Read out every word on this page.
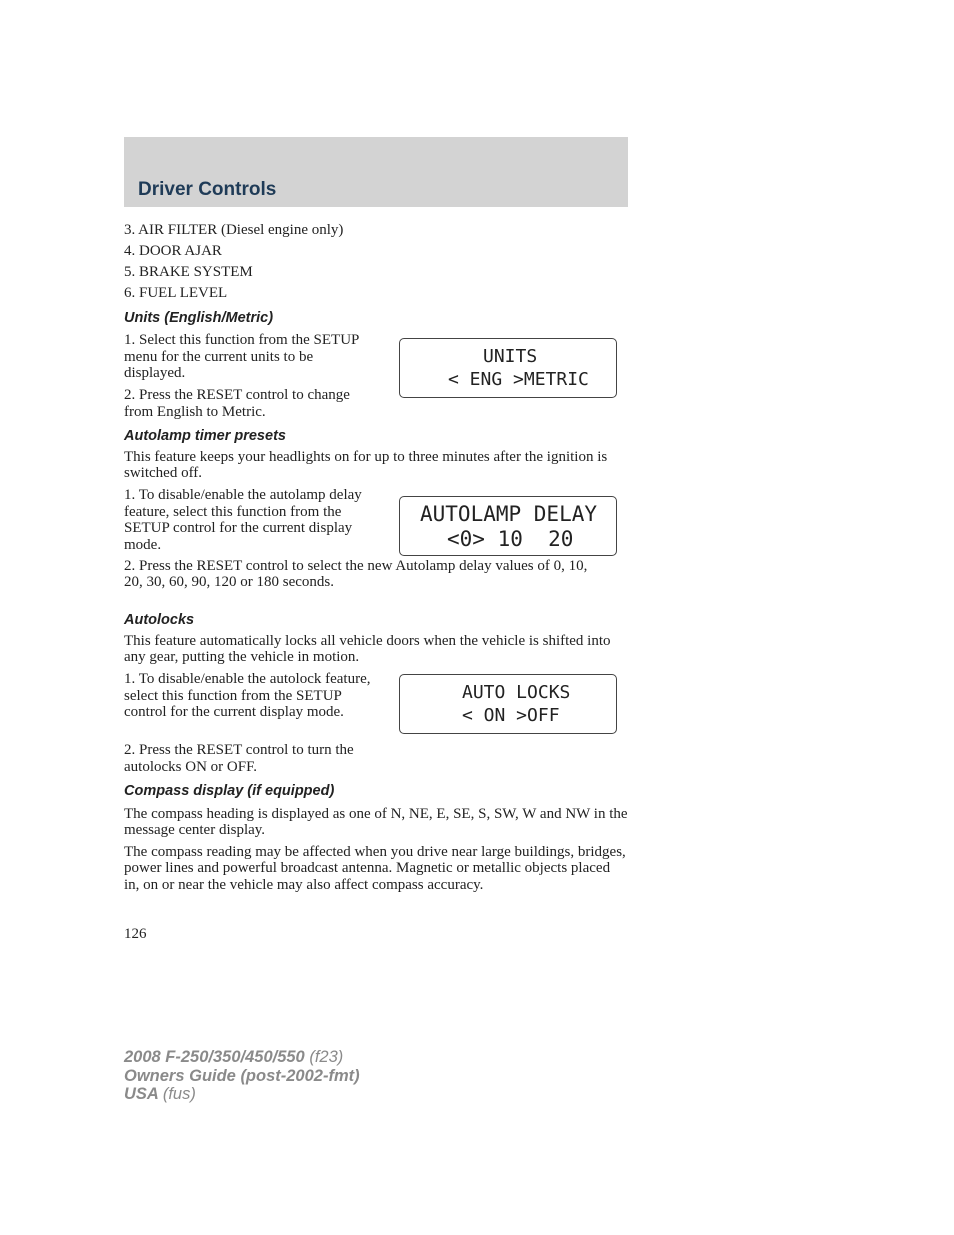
Driver Controls
3. AIR FILTER (Diesel engine only)
4. DOOR AJAR
5. BRAKE SYSTEM
6. FUEL LEVEL
Units (English/Metric)
1. Select this function from the SETUP menu for the current units to be displayed.
2. Press the RESET control to change from English to Metric.
UNITS
< ENG >METRIC
Autolamp timer presets
This feature keeps your headlights on for up to three minutes after the ignition is switched off.
1. To disable/enable the autolamp delay feature, select this function from the SETUP control for the current display mode.
2. Press the RESET control to select the new Autolamp delay values of 0, 10, 20, 30, 60, 90, 120 or 180 seconds.
AUTOLAMP DELAY
<0> 10  20
Autolocks
This feature automatically locks all vehicle doors when the vehicle is shifted into any gear, putting the vehicle in motion.
1. To disable/enable the autolock feature, select this function from the SETUP control for the current display mode.
2. Press the RESET control to turn the autolocks ON or OFF.
AUTO LOCKS
< ON >OFF
Compass display (if equipped)
The compass heading is displayed as one of N, NE, E, SE, S, SW, W and NW in the message center display.
The compass reading may be affected when you drive near large buildings, bridges, power lines and powerful broadcast antenna. Magnetic or metallic objects placed in, on or near the vehicle may also affect compass accuracy.
126
2008 F-250/350/450/550 (f23)
Owners Guide (post-2002-fmt)
USA (fus)
